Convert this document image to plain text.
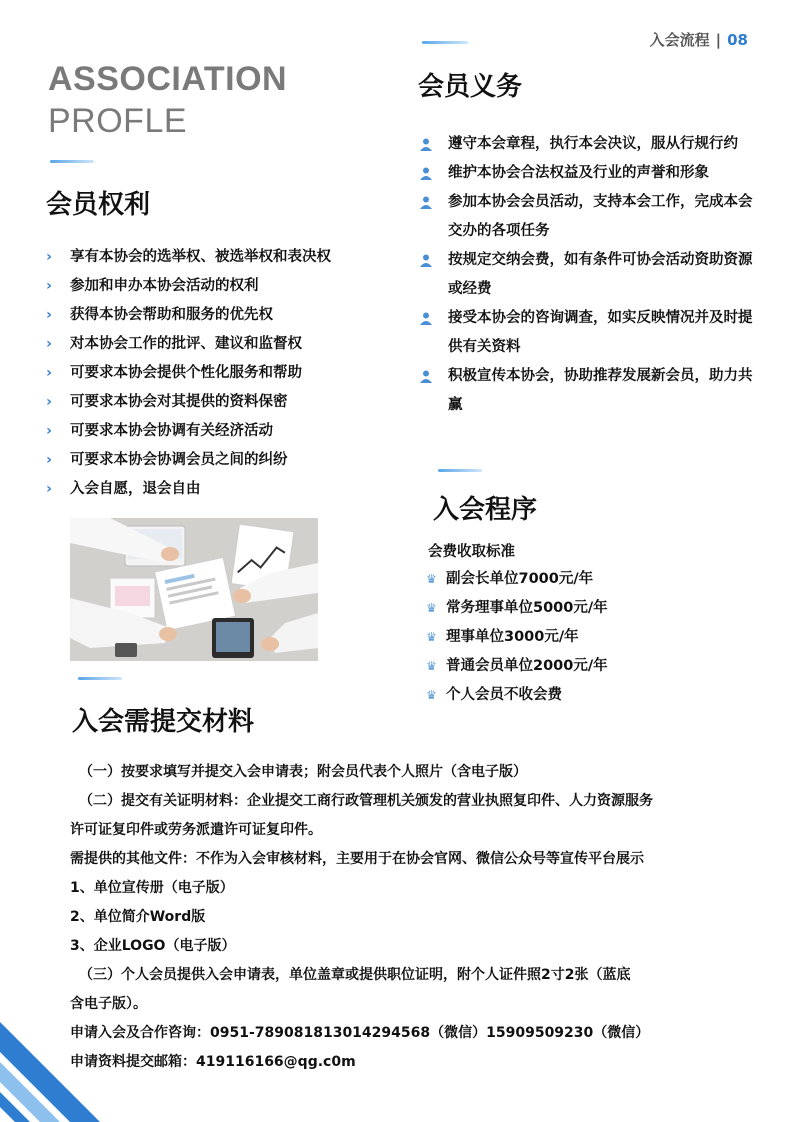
入会流程 | 08
ASSOCIATION
PROFLE
会员权利
› 享有本协会的选举权、被选举权和表决权
› 参加和申办本协会活动的权利
› 获得本协会帮助和服务的优先权
› 对本协会工作的批评、建议和监督权
› 可要求本协会提供个性化服务和帮助
› 可要求本协会对其提供的资料保密
› 可要求本协会协调有关经济活动
› 可要求本协会协调会员之间的纠纷
› 入会自愿，退会自由
会员义务
遵守本会章程，执行本会决议，服从行规行约
维护本协会合法权益及行业的声誉和形象
参加本协会会员活动，支持本会工作，完成本会交办的各项任务
按规定交纳会费，如有条件可协会活动资助资源或经费
接受本协会的咨询调查，如实反映情况并及时提供有关资料
积极宣传本协会，协助推荐发展新会员，助力共赢
入会程序
会费收取标准
♛ 副会长单位7000元/年
♛ 常务理事单位5000元/年
♛ 理事单位3000元/年
♛ 普通会员单位2000元/年
♛ 个人会员不收会费
入会需提交材料

（一）按要求填写并提交入会申请表；附会员代表个人照片（含电子版）

（二）提交有关证明材料：企业提交工商行政管理机关颁发的营业执照复印件、人力资源服务

许可证复印件或劳务派遣许可证复印件。

需提供的其他文件：不作为入会审核材料，主要用于在协会官网、微信公众号等宣传平台展示

1、单位宣传册（电子版）

2、单位简介Word版

3、企业LOGO（电子版）

（三）个人会员提供入会申请表，单位盖章或提供职位证明，附个人证件照2寸2张（蓝底

含电子版）。

申请入会及合作咨询：0951-789081813014294568（微信）15909509230（微信）

申请资料提交邮箱：419116166@qg.c0m
